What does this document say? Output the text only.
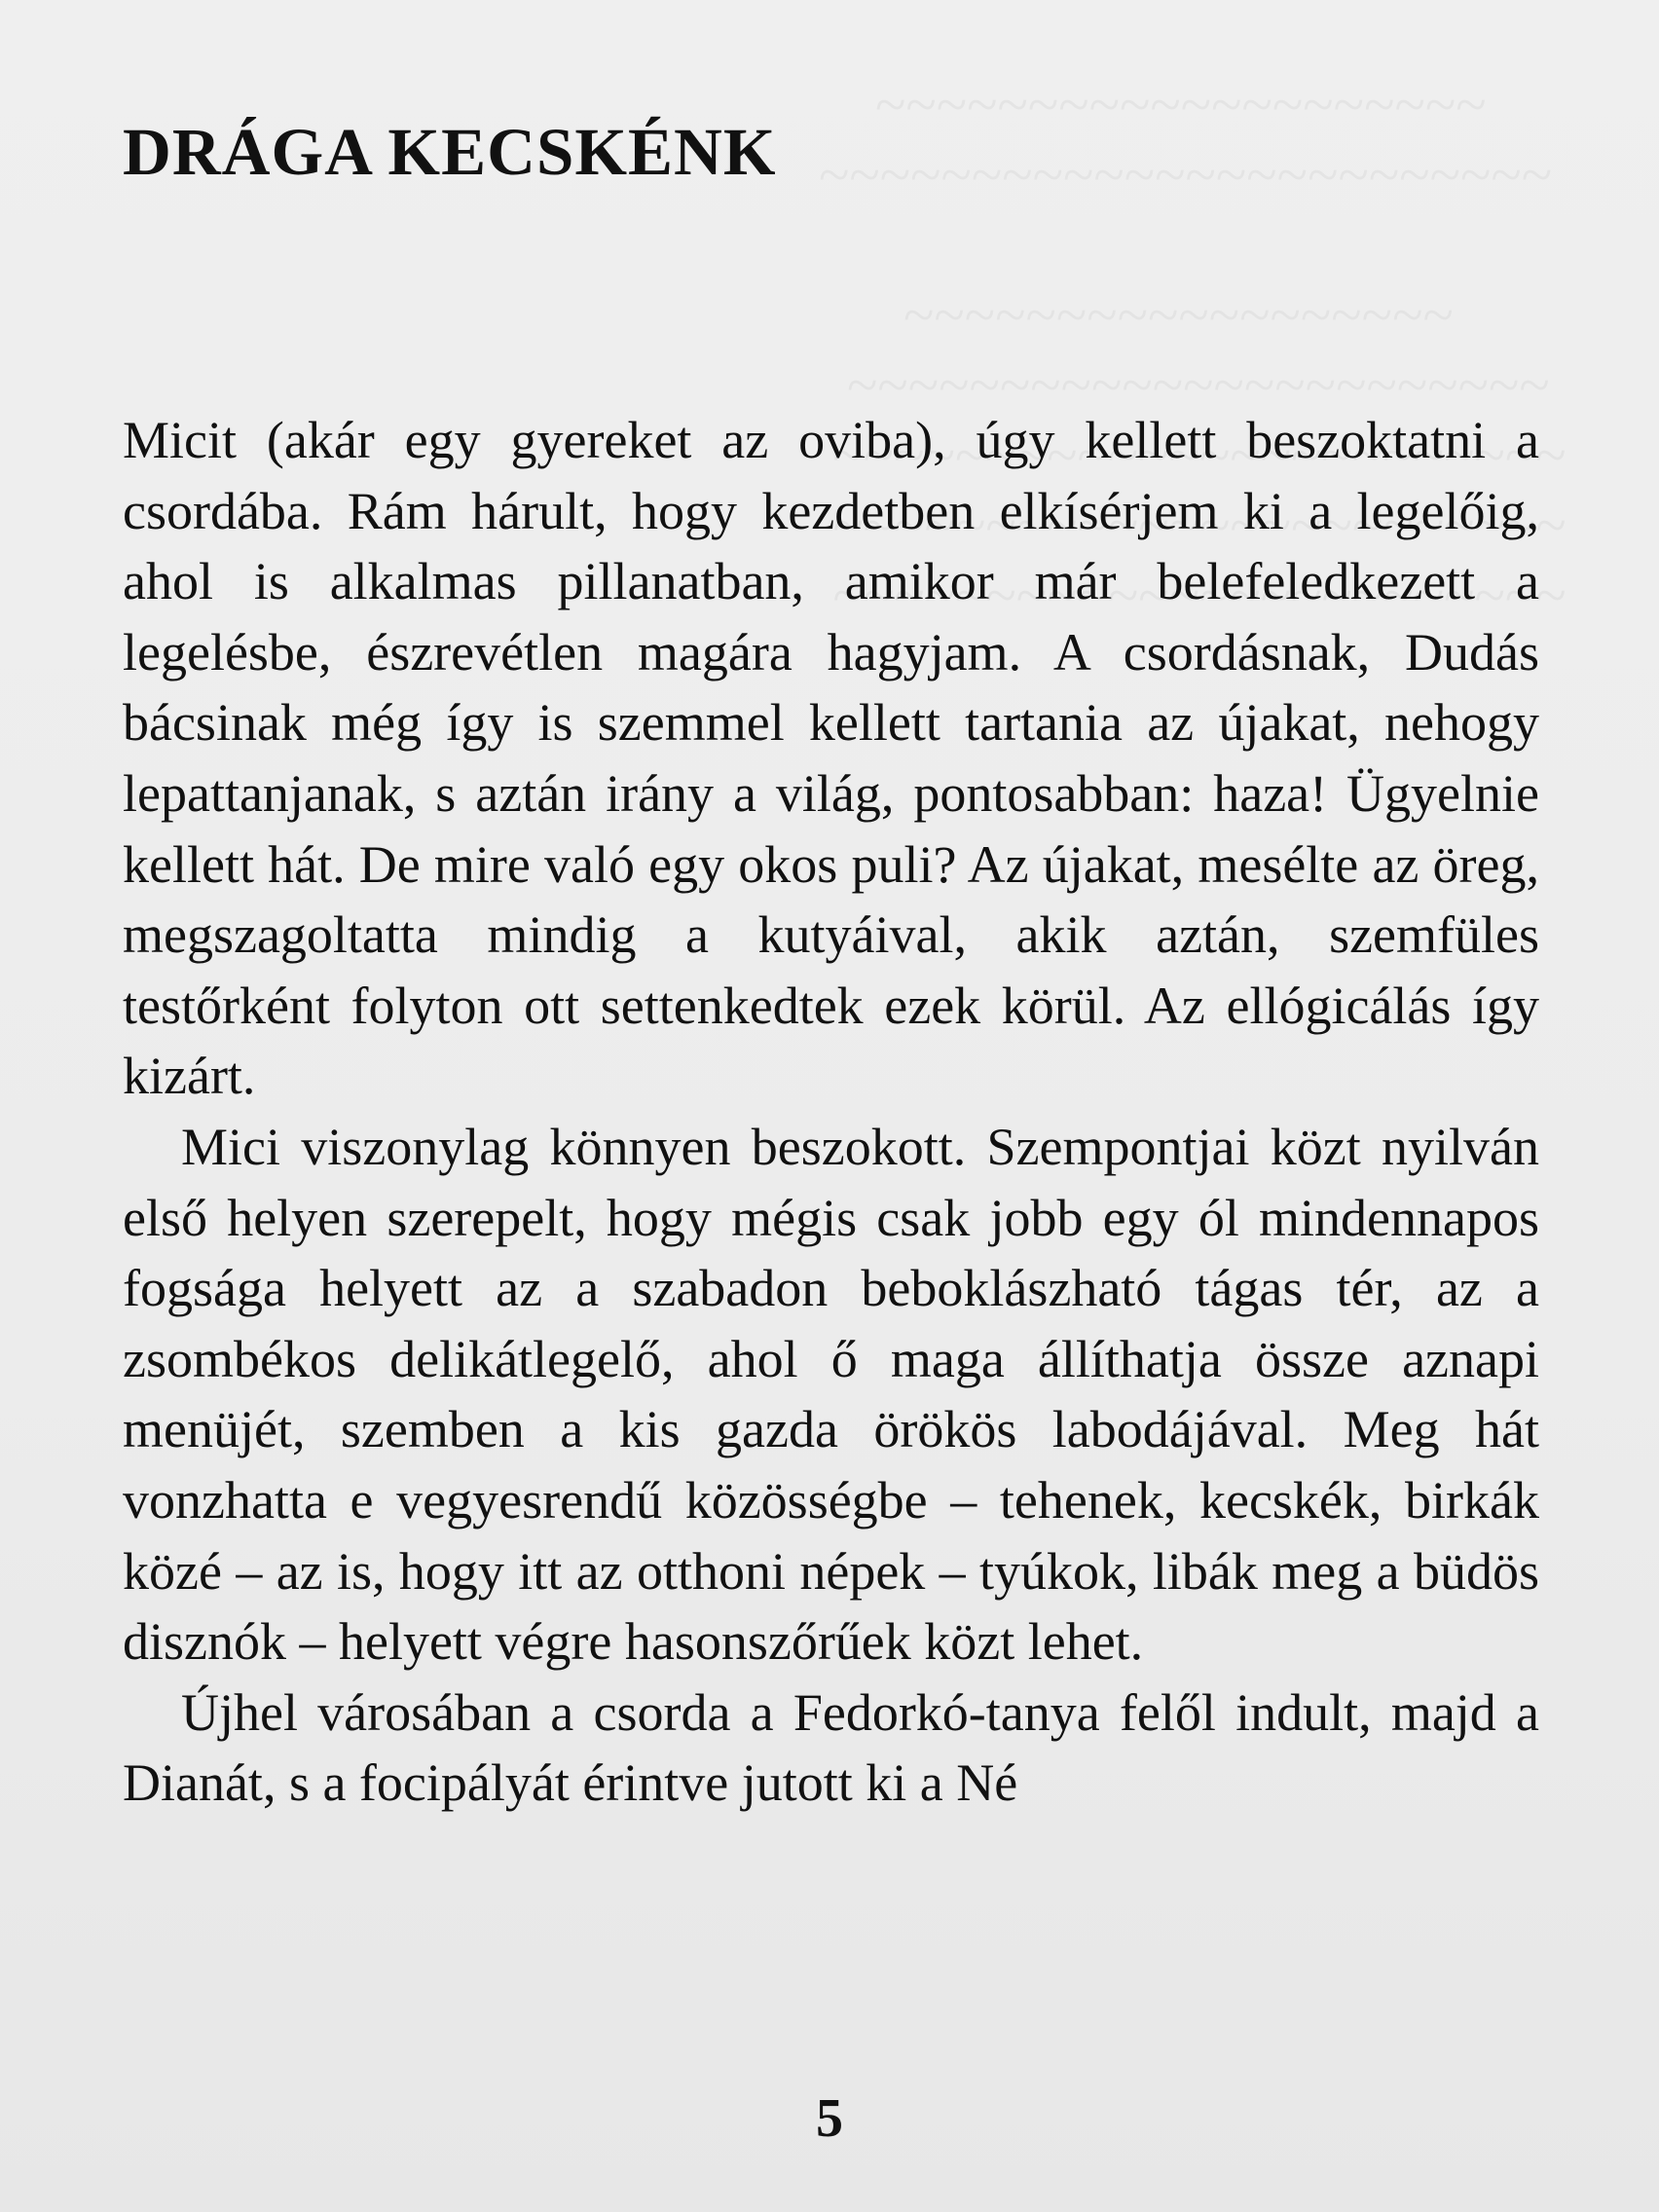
DRÁGA KECSKÉNK

Micit (akár egy gyereket az oviba), úgy kellett beszoktatni a csordába. Rám hárult, hogy kezdetben elkísérjem ki a legelőig, ahol is alkalmas pillanatban, amikor már belefeledkezett a legelésbe, észrevétlen magára hagyjam. A csordásnak, Dudás bácsinak még így is szemmel kellett tartania az újakat, nehogy lepattanjanak, s aztán irány a világ, pontosabban: haza! Ügyelnie kellett hát. De mire való egy okos puli? Az újakat, mesélte az öreg, megszagoltatta mindig a kutyáival, akik aztán, szemfüles testőrként folyton ott settenkedtek ezek körül. Az ellógicálás így kizárt.

Mici viszonylag könnyen beszokott. Szempontjai közt nyilván első helyen szerepelt, hogy mégis csak jobb egy ól mindennapos fogsága helyett az a szabadon beboklászható tágas tér, az a zsombékos delikátlegelő, ahol ő maga állíthatja össze aznapi menüjét, szemben a kis gazda örökös labodájával. Meg hát vonzhatta e vegyesrendű közösségbe – tehenek, kecskék, birkák közé – az is, hogy itt az otthoni népek – tyúkok, libák meg a büdös disznók – helyett végre hasonszőrűek közt lehet.

Újhel városában a csorda a Fedorkó-tanya felől indult, majd a Dianát, s a focipályát érintve jutott ki a Né

5
